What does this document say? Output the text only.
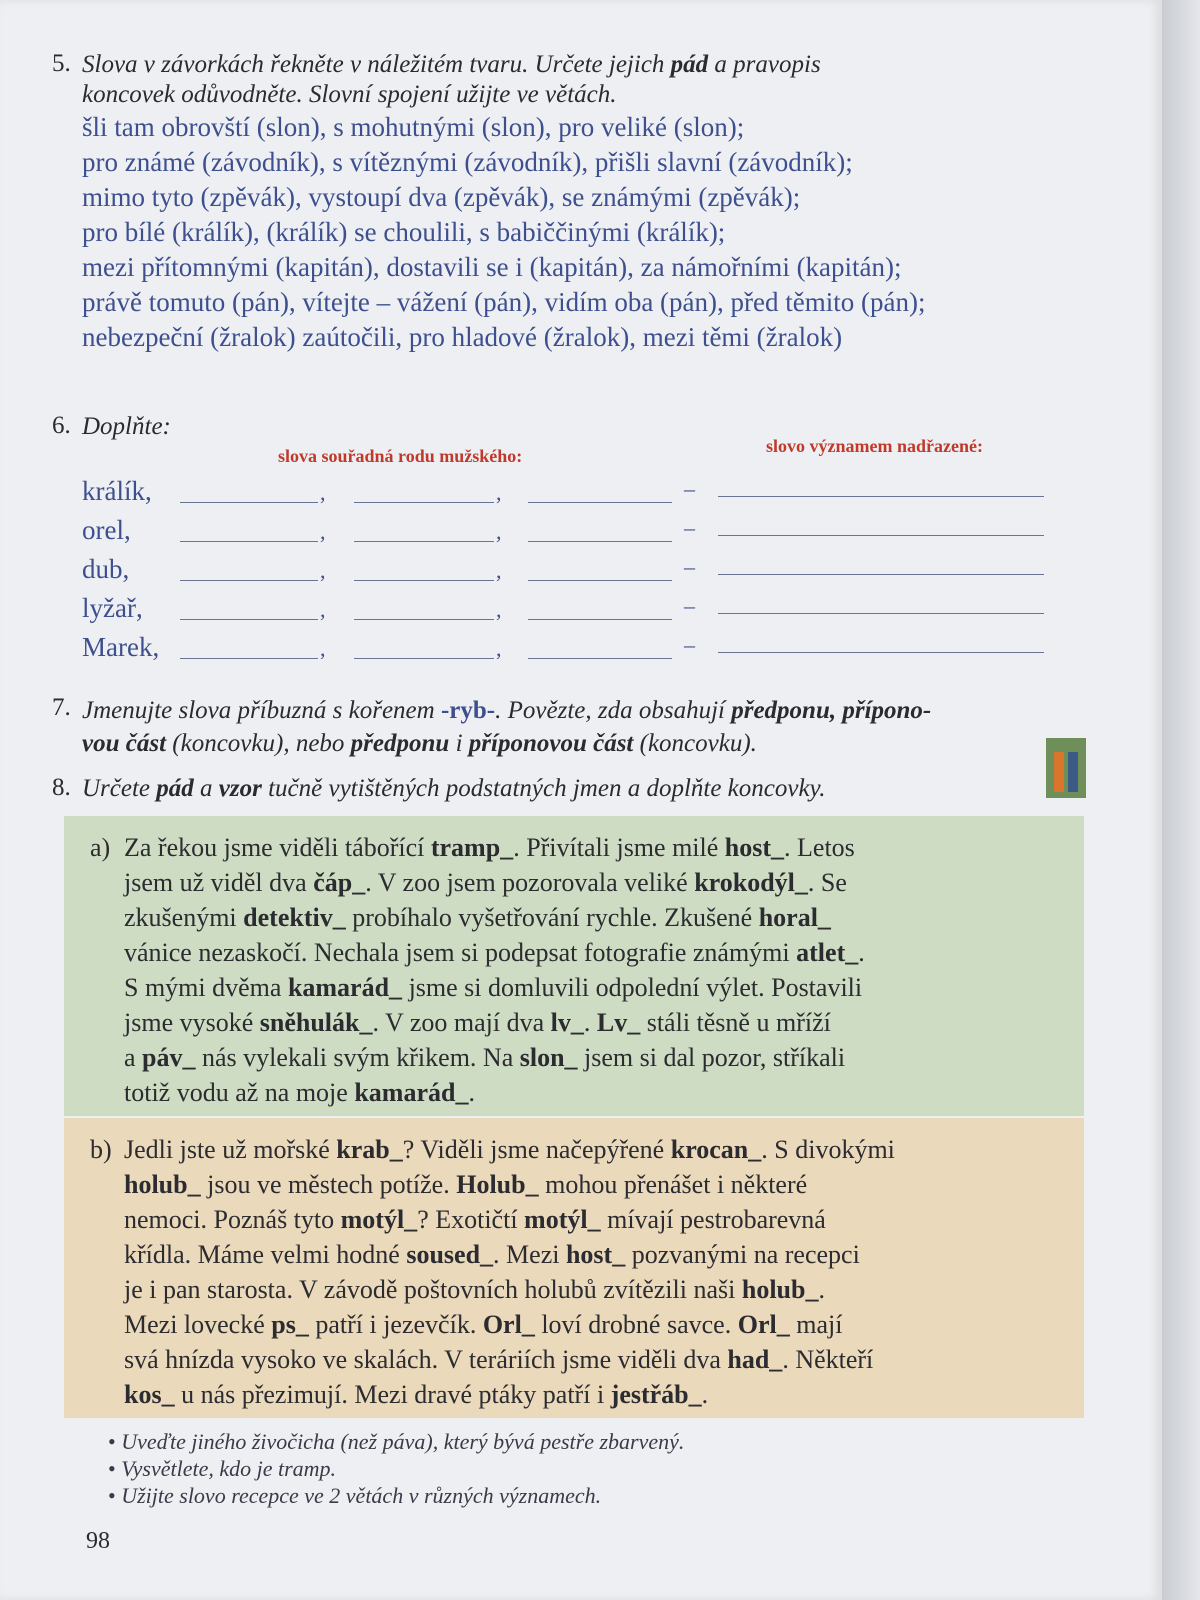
5. Slova v závorkách řekněte v náležitém tvaru. Určete jejich pád a pravopis
koncovek odůvodněte. Slovní spojení užijte ve větách.
šli tam obrovští (slon), s mohutnými (slon), pro veliké (slon);
pro známé (závodník), s vítěznými (závodník), přišli slavní (závodník);
mimo tyto (zpěvák), vystoupí dva (zpěvák), se známými (zpěvák);
pro bílé (králík), (králík) se choulili, s babiččinými (králík);
mezi přítomnými (kapitán), dostavili se i (kapitán), za námořními (kapitán);
právě tomuto (pán), vítejte – vážení (pán), vidím oba (pán), před těmito (pán);
nebezpeční (žralok) zaútočili, pro hladové (žralok), mezi těmi (žralok)
6. Doplňte:
slova souřadná rodu mužského:	slovo významem nadřazené:
králík,	,	,	–
orel,	,	,	–
dub,	,	,	–
lyžař,	,	,	–
Marek,	,	,	–
7. Jmenujte slova příbuzná s kořenem -ryb-. Povězte, zda obsahují předponu, přípono-
vou část (koncovku), nebo předponu i příponovou část (koncovku).
8. Určete pád a vzor tučně vytištěných podstatných jmen a doplňte koncovky.
a) Za řekou jsme viděli tábořící tramp_. Přivítali jsme milé host_. Letos
jsem už viděl dva čáp_. V zoo jsem pozorovala veliké krokodýl_. Se
zkušenými detektiv_ probíhalo vyšetřování rychle. Zkušené horal_
vánice nezaskočí. Nechala jsem si podepsat fotografie známými atlet_.
S mými dvěma kamarád_ jsme si domluvili odpolední výlet. Postavili
jsme vysoké sněhulák_. V zoo mají dva lv_. Lv_ stáli těsně u mříží
a páv_ nás vylekali svým křikem. Na slon_ jsem si dal pozor, stříkali
totiž vodu až na moje kamarád_.
b) Jedli jste už mořské krab_? Viděli jsme načepýřené krocan_. S divokými
holub_ jsou ve městech potíže. Holub_ mohou přenášet i některé
nemoci. Poznáš tyto motýl_? Exotičtí motýl_ mívají pestrobarevná
křídla. Máme velmi hodné soused_. Mezi host_ pozvanými na recepci
je i pan starosta. V závodě poštovních holubů zvítězili naši holub_.
Mezi lovecké ps_ patří i jezevčík. Orl_ loví drobné savce. Orl_ mají
svá hnízda vysoko ve skalách. V teráriích jsme viděli dva had_. Někteří
kos_ u nás přezimují. Mezi dravé ptáky patří i jestřáb_.
• Uveďte jiného živočicha (než páva), který bývá pestře zbarvený.
• Vysvětlete, kdo je tramp.
• Užijte slovo recepce ve 2 větách v různých významech.
98
